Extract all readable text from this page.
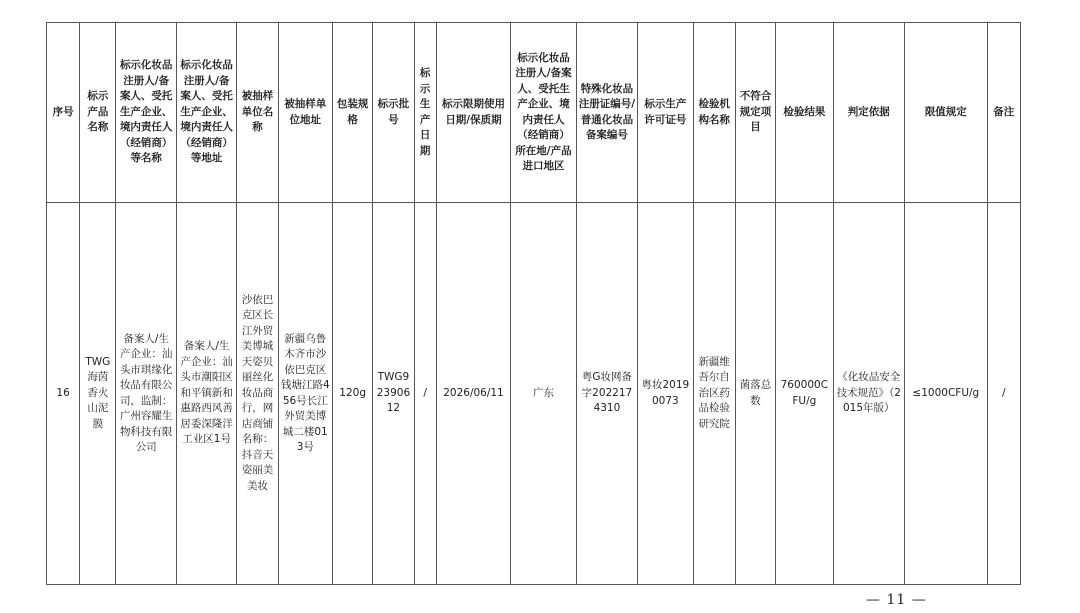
序号	标示产品名称	标示化妆品注册人/备案人、受托生产企业、境内责任人（经销商）等名称	标示化妆品注册人/备案人、受托生产企业、境内责任人（经销商）等地址	被抽样单位名称	被抽样单位地址	包装规格	标示批号	标示生产日期	标示限期使用日期/保质期	标示化妆品注册人/备案人、受托生产企业、境内责任人（经销商）所在地/产品进口地区	特殊化妆品注册证编号/普通化妆品备案编号	标示生产许可证号	检验机构名称	不符合规定项目	检验结果	判定依据	限值规定	备注

16	TWG海茵香火山泥膜	备案人/生产企业：汕头市琪缘化妆品有限公司，监制：广州容耀生物科技有限公司	备案人/生产企业：汕头市潮阳区和平镇新和惠路西风善居委深隆洋工业区1号	沙依巴克区长江外贸美博城天姿贝丽丝化妆品商行，网店商铺名称：抖音天姿丽美美妆	新疆乌鲁木齐市沙依巴克区钱塘江路456号长江外贸美博城二楼013号	120g	TWG92390612	/	2026/06/11	广东	粤G妆网备字2022174310	粤妆20190073	新疆维吾尔自治区药品检验研究院	菌落总数	760000CFU/g	《化妆品安全技术规范》（2015年版）	≤1000CFU/g	/
— 11 —
